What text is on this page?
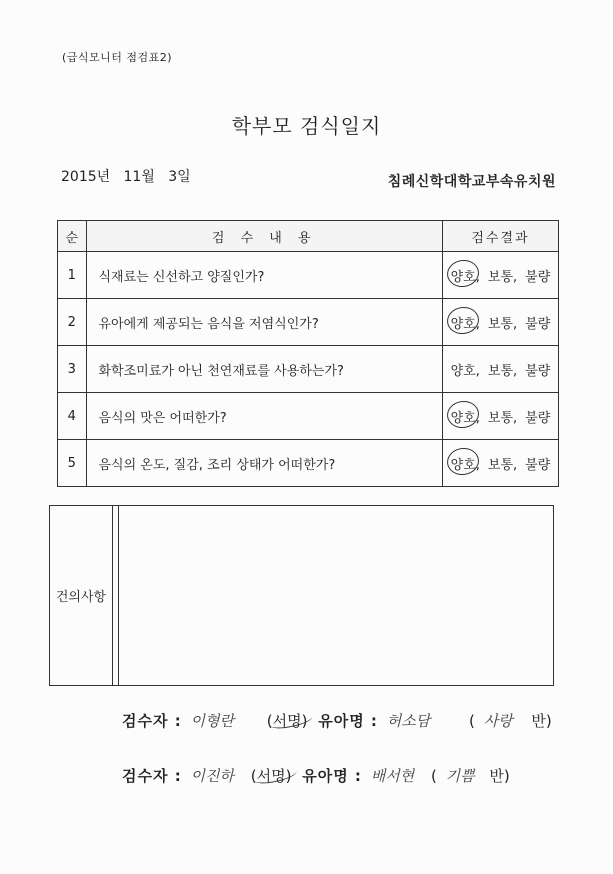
(급식모니터 점검표2)
학부모 검식일지
2015년   11월   3일	침례신학대학교부속유치원
순	검 수 내 용	검수결과
1	식재료는 신선하고 양질인가?	양호, 보통, 불량
2	유아에게 제공되는 음식을 저염식인가?	양호, 보통, 불량
3	화학조미료가 아닌 천연재료를 사용하는가?	양호, 보통, 불량
4	음식의 맛은 어떠한가?	양호, 보통, 불량
5	음식의 온도, 질감, 조리 상태가 어떠한가?	양호, 보통, 불량
건의사항
검수자 : 이형란 (서명) 유아명 : 허소담	( 사랑 반)
검수자 : 이진하 (서명) 유아명 : 배서현 ( 기쁨 반)
